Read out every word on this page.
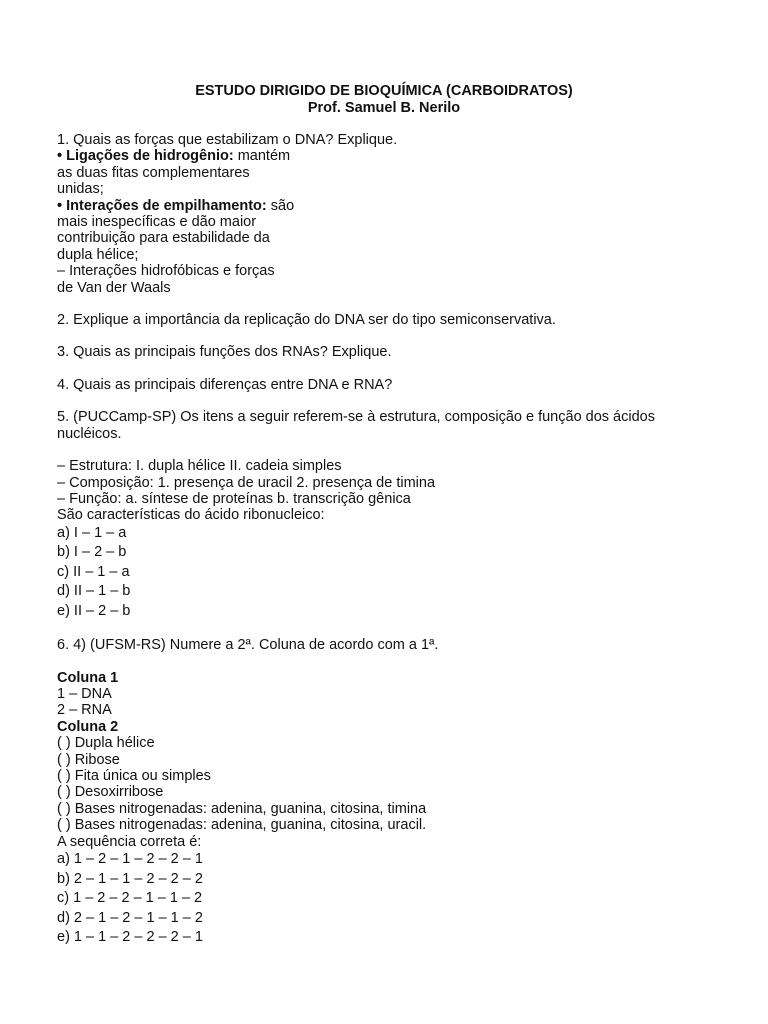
ESTUDO DIRIGIDO DE BIOQUÍMICA (CARBOIDRATOS)
Prof. Samuel B. Nerilo
1. Quais as forças que estabilizam o DNA? Explique.
• Ligações de hidrogênio: mantém
as duas fitas complementares
unidas;
• Interações de empilhamento: são
mais inespecíficas e dão maior
contribuição para estabilidade da
dupla hélice;
– Interações hidrofóbicas e forças
de Van der Waals
2. Explique a importância da replicação do DNA ser do tipo semiconservativa.
3. Quais as principais funções dos RNAs? Explique.
4. Quais as principais diferenças entre DNA e RNA?
5. (PUCCamp-SP) Os itens a seguir referem-se à estrutura, composição e função dos ácidos
nucléicos.
– Estrutura: I. dupla hélice II. cadeia simples
– Composição: 1. presença de uracil 2. presença de timina
– Função: a. síntese de proteínas b. transcrição gênica
São características do ácido ribonucleico:
a) I – 1 – a
b) I – 2 – b
c) II – 1 – a
d) II – 1 – b
e) II – 2 – b
6. 4) (UFSM-RS) Numere a 2ª. Coluna de acordo com a 1ª.
Coluna 1
1 – DNA
2 – RNA
Coluna 2
( ) Dupla hélice
( ) Ribose
( ) Fita única ou simples
( ) Desoxirribose
( ) Bases nitrogenadas: adenina, guanina, citosina, timina
( ) Bases nitrogenadas: adenina, guanina, citosina, uracil.
A sequência correta é:
a) 1 – 2 – 1 – 2 – 2 – 1
b) 2 – 1 – 1 – 2 – 2 – 2
c) 1 – 2 – 2 – 1 – 1 – 2
d) 2 – 1 – 2 – 1 – 1 – 2
e) 1 – 1 – 2 – 2 – 2 – 1
